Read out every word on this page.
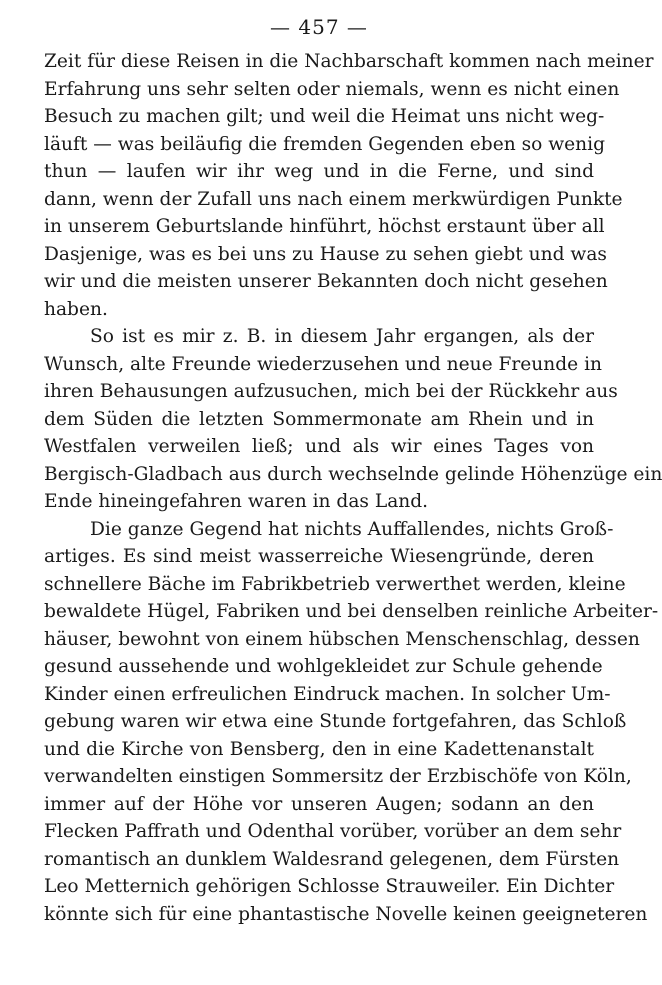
— 457 —
Zeit für diese Reisen in die Nachbarschaft kommen nach meiner
Erfahrung uns sehr selten oder niemals, wenn es nicht einen
Besuch zu machen gilt; und weil die Heimat uns nicht weg-
läuft — was beiläufig die fremden Gegenden eben so wenig
thun — laufen wir ihr weg und in die Ferne, und sind
dann, wenn der Zufall uns nach einem merkwürdigen Punkte
in unserem Geburtslande hinführt, höchst erstaunt über all
Dasjenige, was es bei uns zu Hause zu sehen giebt und was
wir und die meisten unserer Bekannten doch nicht gesehen
haben.
So ist es mir z. B. in diesem Jahr ergangen, als der
Wunsch, alte Freunde wiederzusehen und neue Freunde in
ihren Behausungen aufzusuchen, mich bei der Rückkehr aus
dem Süden die letzten Sommermonate am Rhein und in
Westfalen verweilen ließ; und als wir eines Tages von
Bergisch-Gladbach aus durch wechselnde gelinde Höhenzüge ein
Ende hineingefahren waren in das Land.
Die ganze Gegend hat nichts Auffallendes, nichts Groß-
artiges. Es sind meist wasserreiche Wiesengründe, deren
schnellere Bäche im Fabrikbetrieb verwerthet werden, kleine
bewaldete Hügel, Fabriken und bei denselben reinliche Arbeiter-
häuser, bewohnt von einem hübschen Menschenschlag, dessen
gesund aussehende und wohlgekleidet zur Schule gehende
Kinder einen erfreulichen Eindruck machen. In solcher Um-
gebung waren wir etwa eine Stunde fortgefahren, das Schloß
und die Kirche von Bensberg, den in eine Kadettenanstalt
verwandelten einstigen Sommersitz der Erzbischöfe von Köln,
immer auf der Höhe vor unseren Augen; sodann an den
Flecken Paffrath und Odenthal vorüber, vorüber an dem sehr
romantisch an dunklem Waldesrand gelegenen, dem Fürsten
Leo Metternich gehörigen Schlosse Strauweiler. Ein Dichter
könnte sich für eine phantastische Novelle keinen geeigneteren
